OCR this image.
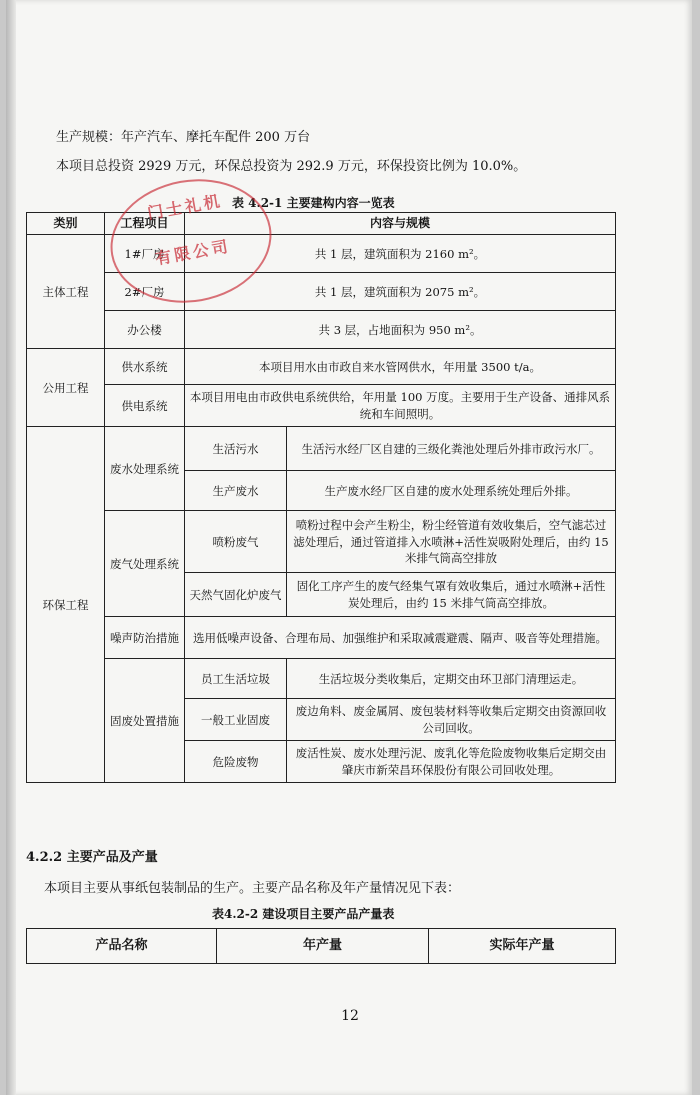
生产规模：年产汽车、摩托车配件 200 万台
本项目总投资 2929 万元，环保总投资为 292.9 万元，环保投资比例为 10.0%。
表 4.2-1 主要建构内容一览表
类别	工程项目	内容与规模	
主体工程	1#厂房	共 1 层，建筑面积为 2160 m²。	
	2#厂房	共 1 层，建筑面积为 2075 m²。	
	办公楼	共 3 层，占地面积为 950 m²。	
公用工程	供水系统	本项目用水由市政自来水管网供水，年用量 3500 t/a。	
	供电系统	本项目用电由市政供电系统供给，年用量 100 万度。主要用于生产设备、通排风系统和车间照明。	
环保工程	废水处理系统	生活污水	生活污水经厂区自建的三级化粪池处理后外排市政污水厂。
		生产废水	生产废水经厂区自建的废水处理系统处理后外排。
	废气处理系统	喷粉废气	喷粉过程中会产生粉尘，粉尘经管道有效收集后，空气滤芯过滤处理后，通过管道排入水喷淋+活性炭吸附处理后，由约 15 米排气筒高空排放
		天然气固化炉废气	固化工序产生的废气经集气罩有效收集后，通过水喷淋+活性炭处理后，由约 15 米排气筒高空排放。
	噪声防治措施	选用低噪声设备、合理布局、加强维护和采取减震避震、隔声、吸音等处理措施。	
	固废处置措施	员工生活垃圾	生活垃圾分类收集后，定期交由环卫部门清理运走。
		一般工业固废	废边角料、废金属屑、废包装材料等收集后定期交由资源回收公司回收。
		危险废物	废活性炭、废水处理污泥、废乳化等危险废物收集后定期交由肇庆市新荣昌环保股份有限公司回收处理。
门士礼机
有限公司
4.2.2 主要产品及产量
本项目主要从事纸包装制品的生产。主要产品名称及年产量情况见下表：
表4.2-2 建设项目主要产品产量表
产品名称	年产量	实际年产量
12
